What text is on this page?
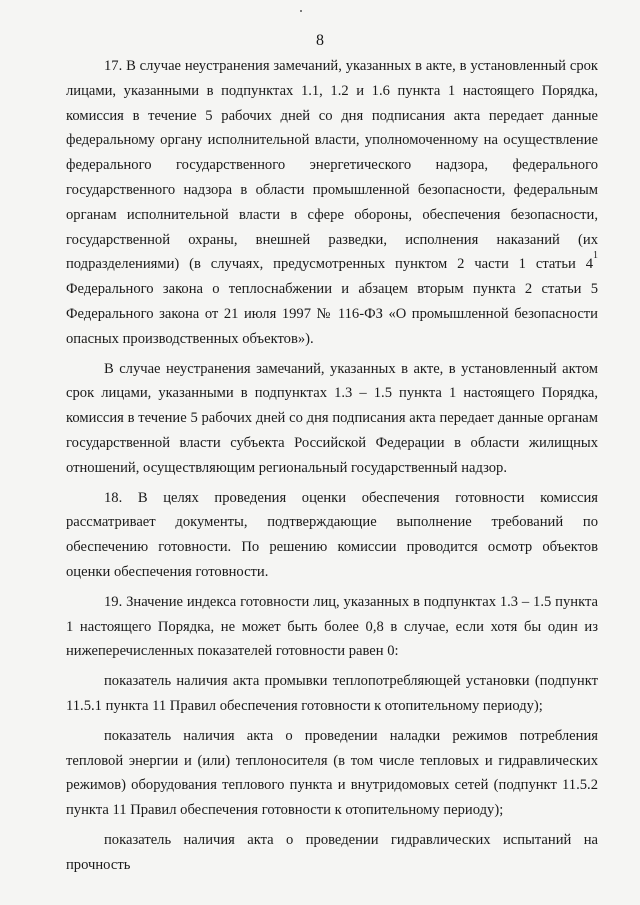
8

17. В случае неустранения замечаний, указанных в акте, в установленный срок лицами, указанными в подпунктах 1.1, 1.2 и 1.6 пункта 1 настоящего Порядка, комиссия в течение 5 рабочих дней со дня подписания акта передает данные федеральному органу исполнительной власти, уполномоченному на осуществление федерального государственного энергетического надзора, федерального государственного надзора в области промышленной безопасности, федеральным органам исполнительной власти в сфере обороны, обеспечения безопасности, государственной охраны, внешней разведки, исполнения наказаний (их подразделениями) (в случаях, предусмотренных пунктом 2 части 1 статьи $4^1$ Федерального закона о теплоснабжении и абзацем вторым пункта 2 статьи 5 Федерального закона от 21 июля 1997 № 116-ФЗ «О промышленной безопасности опасных производственных объектов»).

В случае неустранения замечаний, указанных в акте, в установленный актом срок лицами, указанными в подпунктах 1.3 – 1.5 пункта 1 настоящего Порядка, комиссия в течение 5 рабочих дней со дня подписания акта передает данные органам государственной власти субъекта Российской Федерации в области жилищных отношений, осуществляющим региональный государственный надзор.

18. В целях проведения оценки обеспечения готовности комиссия рассматривает документы, подтверждающие выполнение требований по обеспечению готовности. По решению комиссии проводится осмотр объектов оценки обеспечения готовности.

19. Значение индекса готовности лиц, указанных в подпунктах 1.3 – 1.5 пункта 1 настоящего Порядка, не может быть более 0,8 в случае, если хотя бы один из нижеперечисленных показателей готовности равен 0:

показатель наличия акта промывки теплопотребляющей установки (подпункт 11.5.1 пункта 11 Правил обеспечения готовности к отопительному периоду);

показатель наличия акта о проведении наладки режимов потребления тепловой энергии и (или) теплоносителя (в том числе тепловых и гидравлических режимов) оборудования теплового пункта и внутридомовых сетей (подпункт 11.5.2 пункта 11 Правил обеспечения готовности к отопительному периоду);

показатель наличия акта о проведении гидравлических испытаний на прочность
